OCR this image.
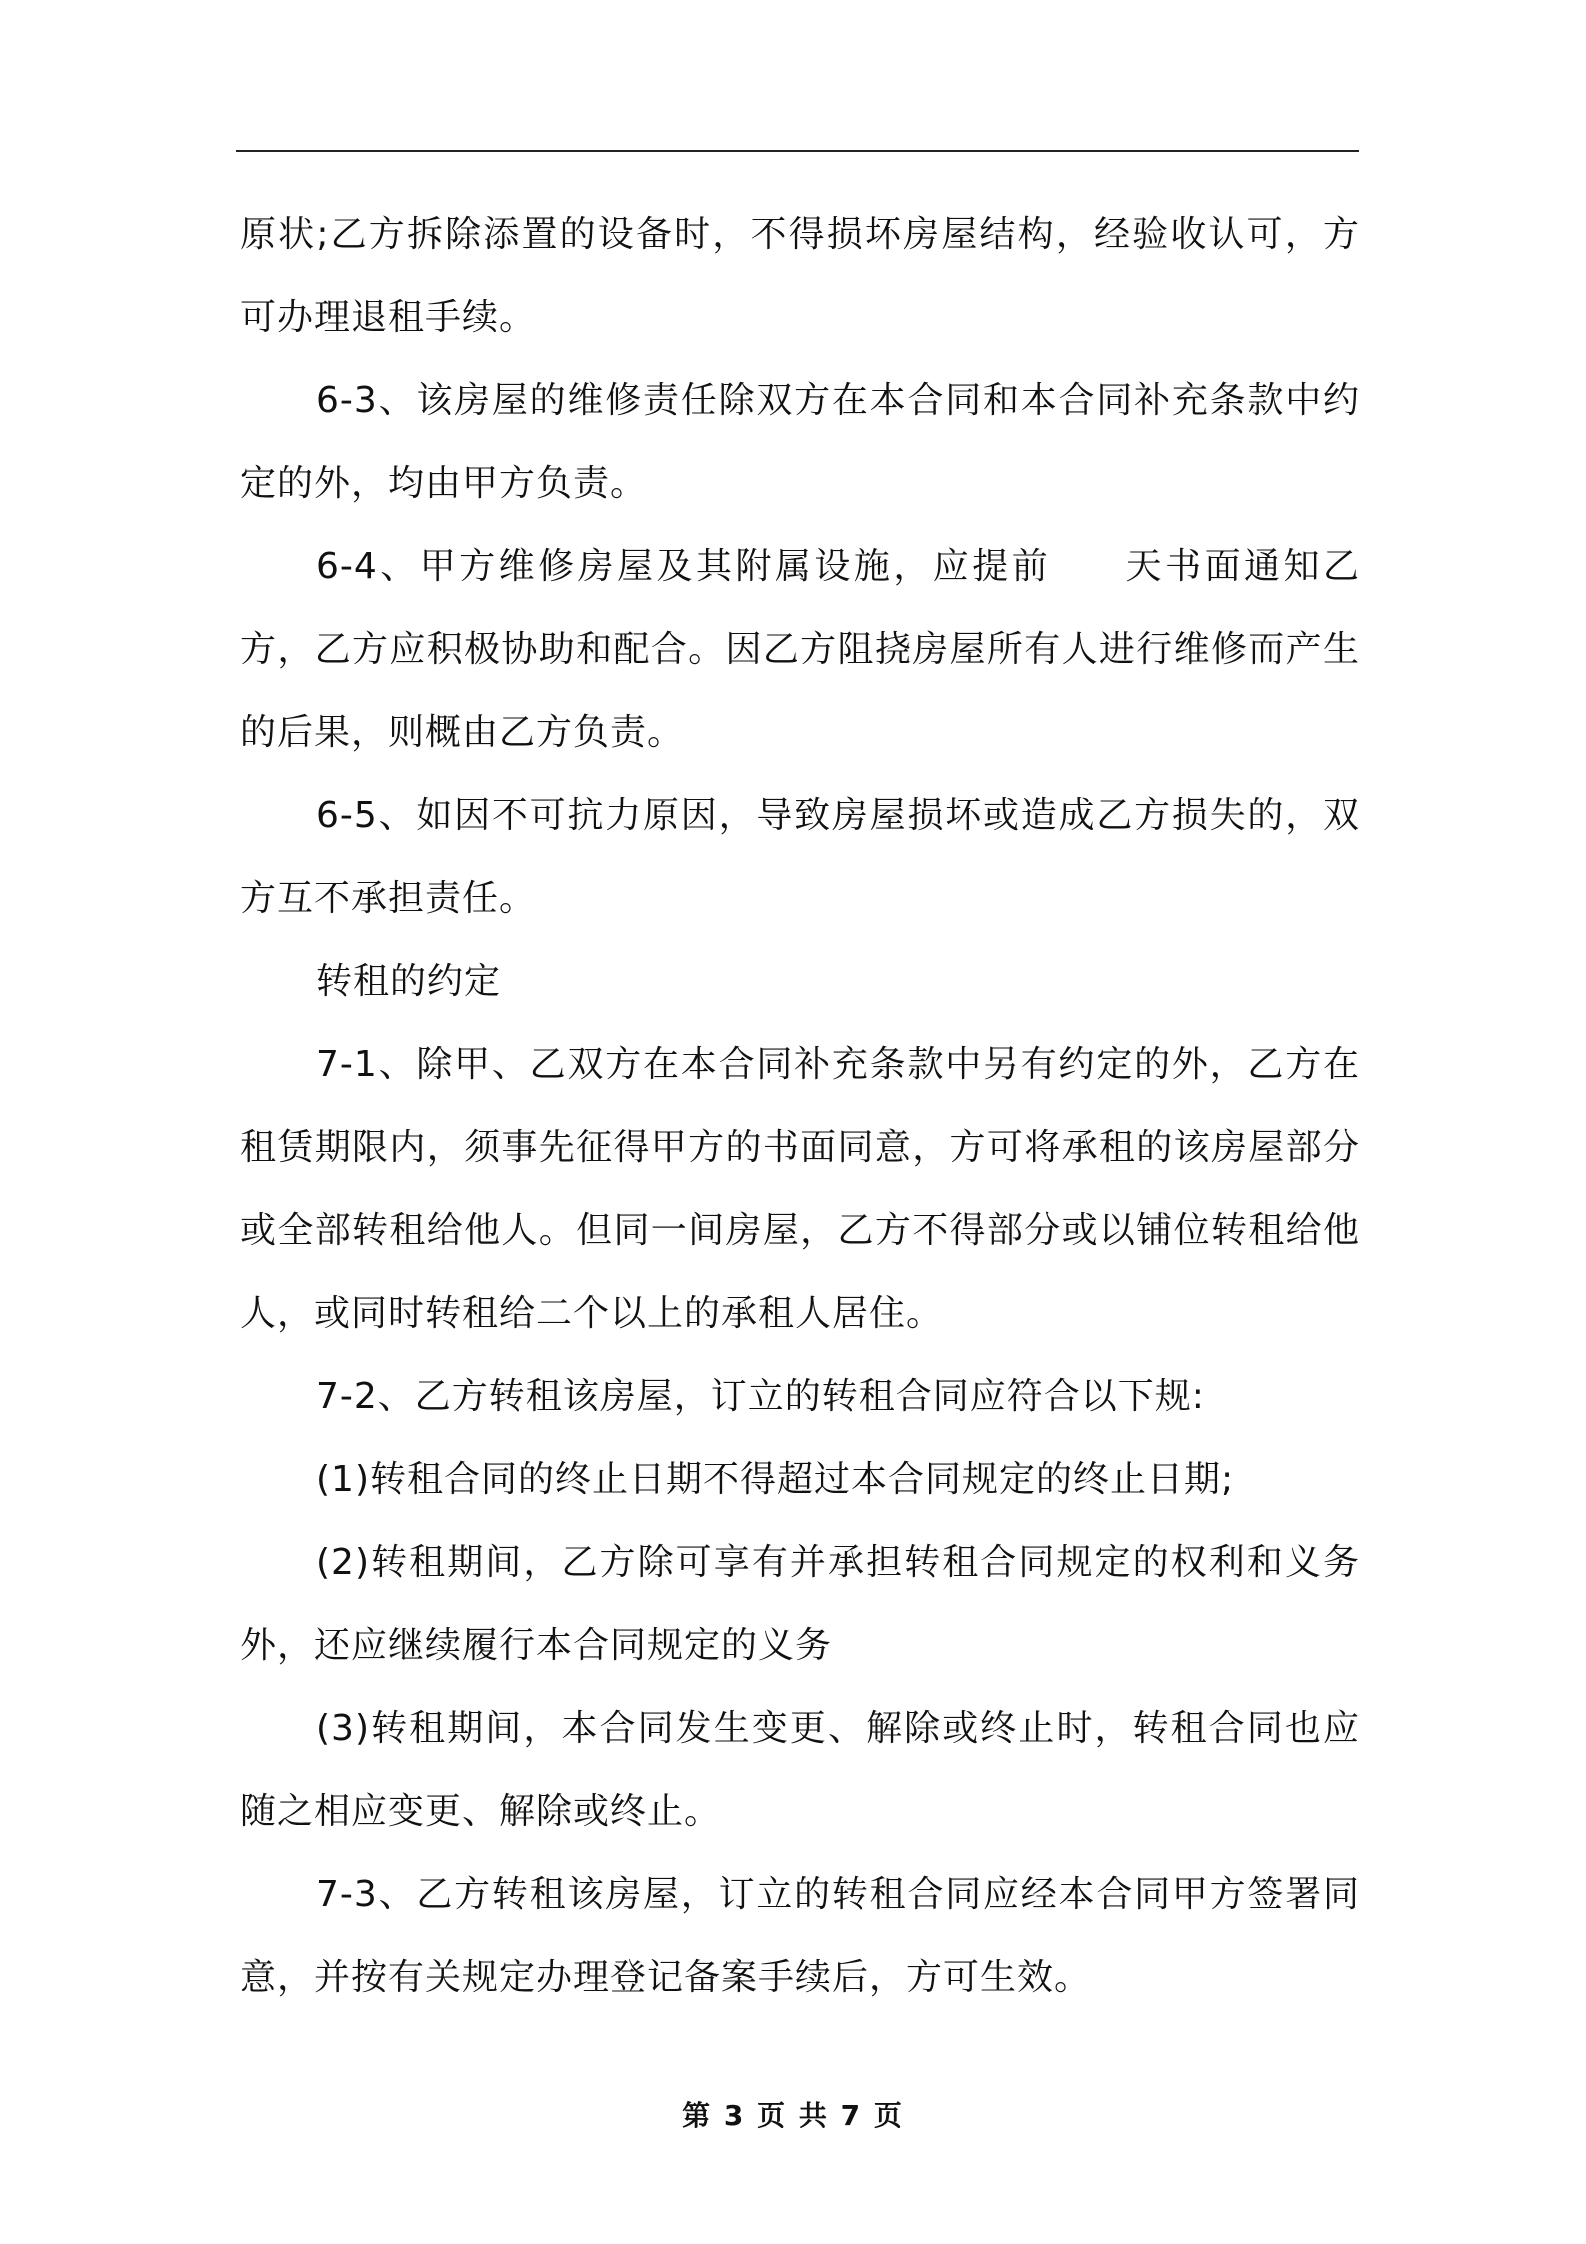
原状;乙方拆除添置的设备时，不得损坏房屋结构，经验收认可，方可办理退租手续。

6-3、该房屋的维修责任除双方在本合同和本合同补充条款中约定的外，均由甲方负责。

6-4、甲方维修房屋及其附属设施，应提前 天书面通知乙方，乙方应积极协助和配合。因乙方阻挠房屋所有人进行维修而产生的后果，则概由乙方负责。

6-5、如因不可抗力原因，导致房屋损坏或造成乙方损失的，双方互不承担责任。

转租的约定

7-1、除甲、乙双方在本合同补充条款中另有约定的外，乙方在租赁期限内，须事先征得甲方的书面同意，方可将承租的该房屋部分或全部转租给他人。但同一间房屋，乙方不得部分或以铺位转租给他人，或同时转租给二个以上的承租人居住。

7-2、乙方转租该房屋，订立的转租合同应符合以下规:

(1)转租合同的终止日期不得超过本合同规定的终止日期;

(2)转租期间，乙方除可享有并承担转租合同规定的权利和义务外，还应继续履行本合同规定的义务

(3)转租期间，本合同发生变更、解除或终止时，转租合同也应随之相应变更、解除或终止。

7-3、乙方转租该房屋，订立的转租合同应经本合同甲方签署同意，并按有关规定办理登记备案手续后，方可生效。

第 3 页 共 7 页
